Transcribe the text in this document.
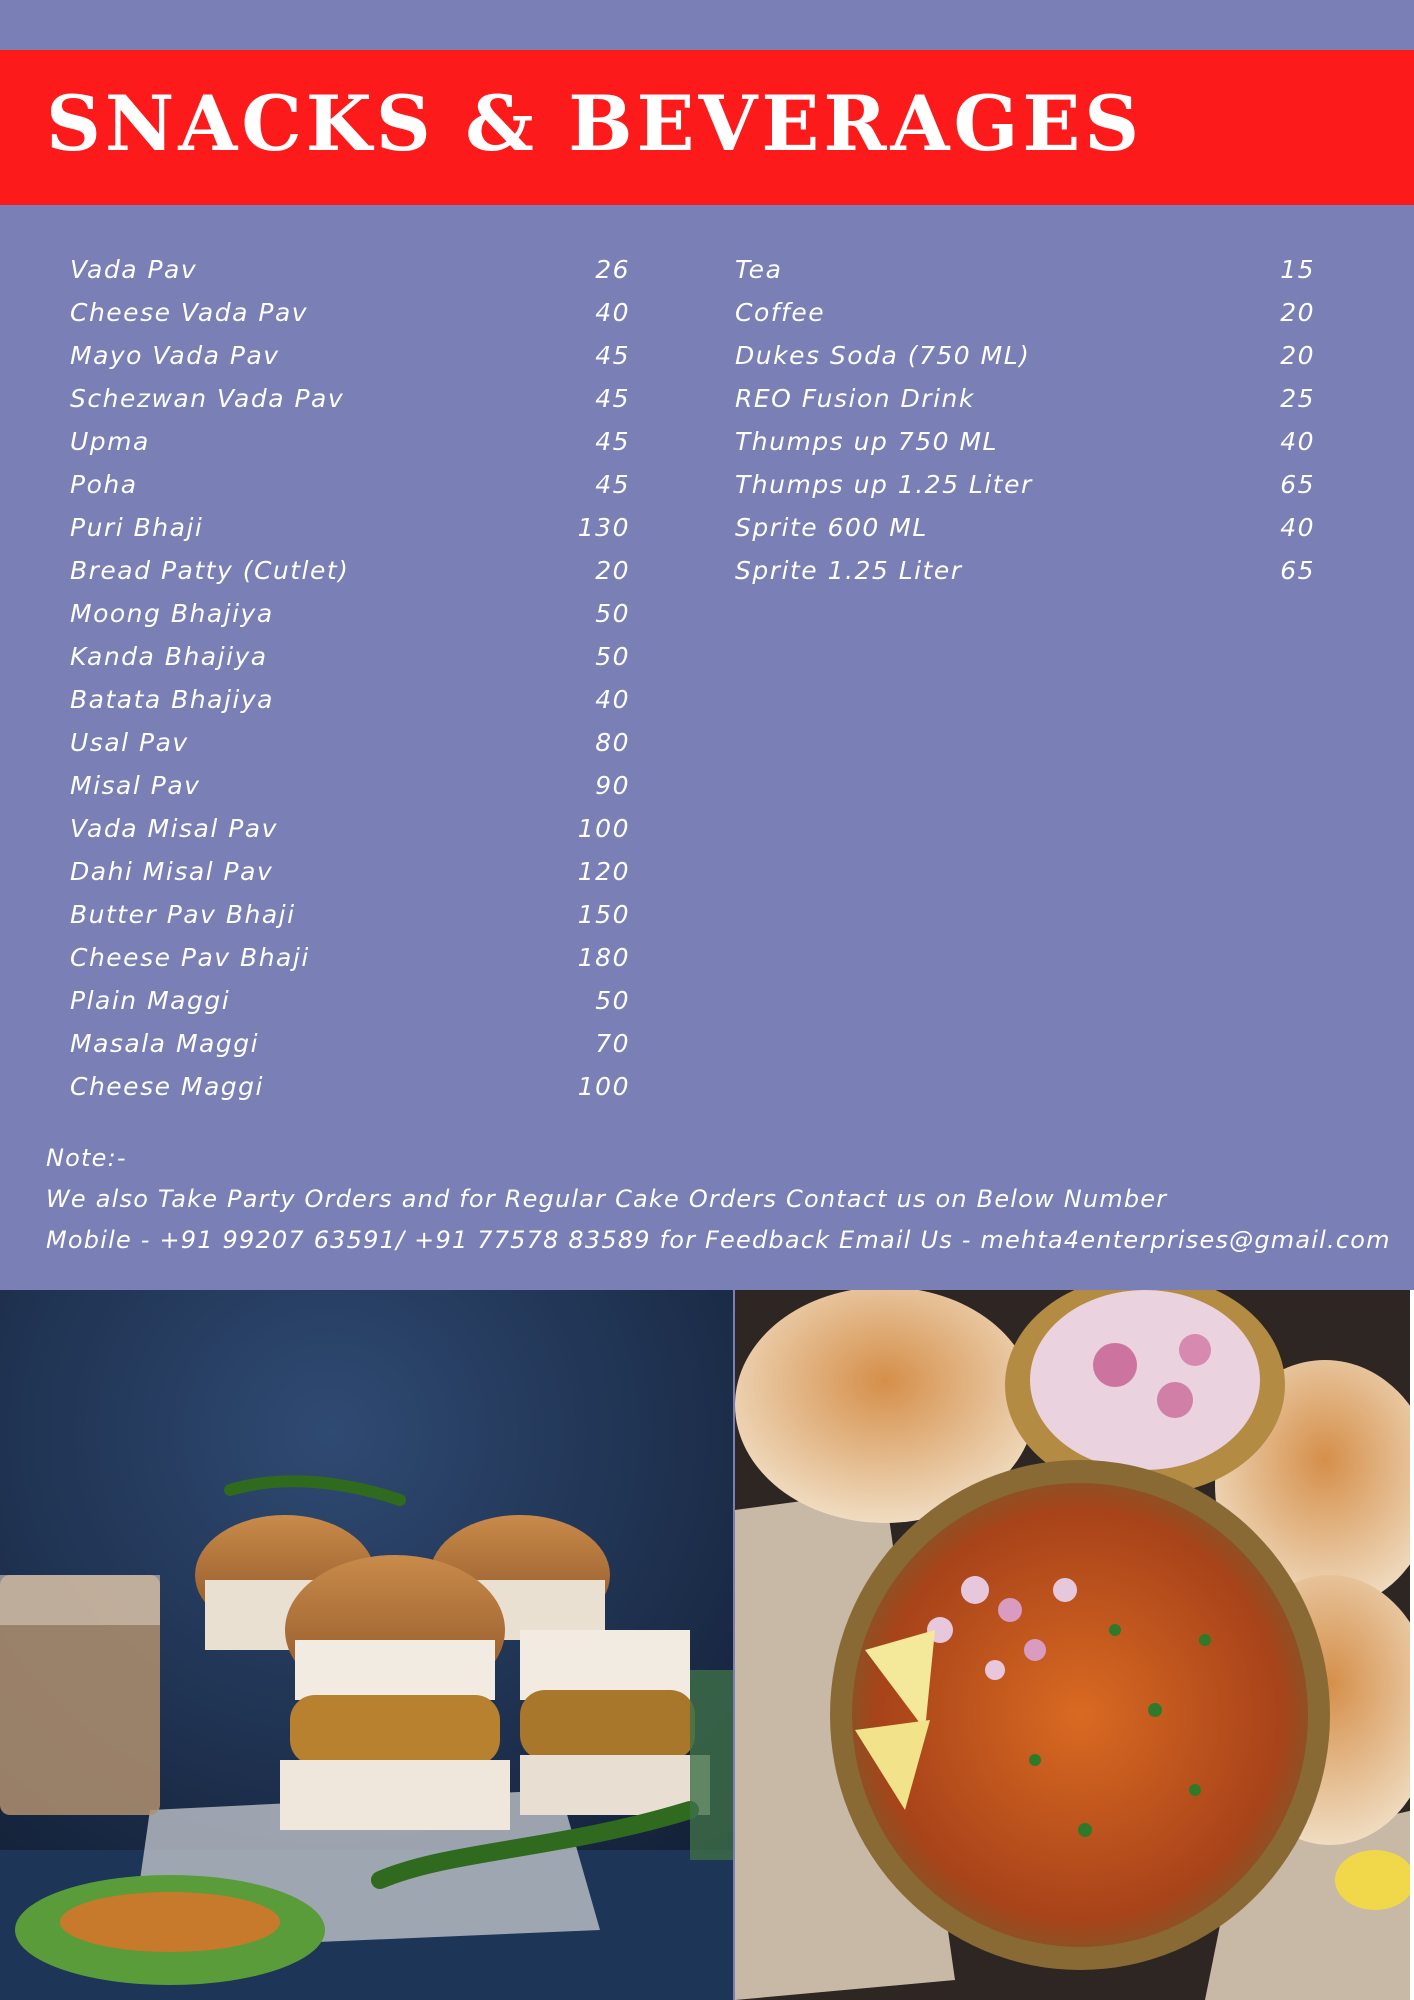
SNACKS & BEVERAGES
Vada Pav	26
Cheese Vada Pav	40
Mayo Vada Pav	45
Schezwan Vada Pav	45
Upma	45
Poha	45
Puri Bhaji	130
Bread Patty (Cutlet)	20
Moong Bhajiya	50
Kanda Bhajiya	50
Batata Bhajiya	40
Usal Pav	80
Misal Pav	90
Vada Misal Pav	100
Dahi Misal Pav	120
Butter Pav Bhaji	150
Cheese Pav Bhaji	180
Plain Maggi	50
Masala Maggi	70
Cheese Maggi	100
Tea	15
Coffee	20
Dukes Soda (750 ML)	20
REO Fusion Drink	25
Thumps up 750 ML	40
Thumps up 1.25 Liter	65
Sprite 600 ML	40
Sprite 1.25 Liter	65

Note:-

We also Take Party Orders and for Regular Cake Orders Contact us on Below Number

Mobile - +91 99207 63591/ +91 77578 83589 for Feedback Email Us - mehta4enterprises@gmail.com
